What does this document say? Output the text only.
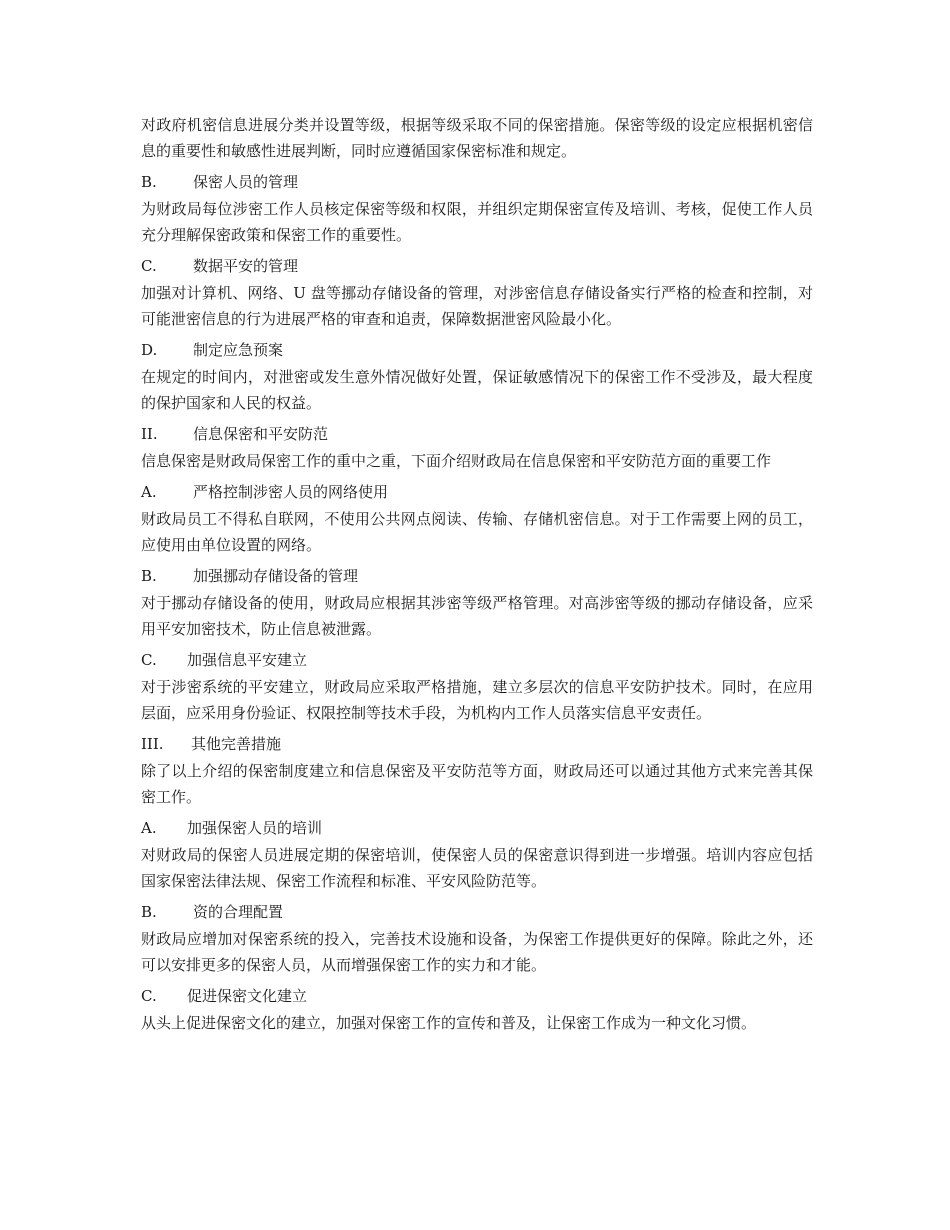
对政府机密信息进展分类并设置等级，根据等级采取不同的保密措施。保密等级的设定应根据机密信息的重要性和敏感性进展判断，同时应遵循国家保密标准和规定。

B. 保密人员的管理

为财政局每位涉密工作人员核定保密等级和权限，并组织定期保密宣传及培训、考核，促使工作人员充分理解保密政策和保密工作的重要性。

C. 数据平安的管理

加强对计算机、网络、U 盘等挪动存储设备的管理，对涉密信息存储设备实行严格的检查和控制，对可能泄密信息的行为进展严格的审查和追责，保障数据泄密风险最小化。

D. 制定应急预案

在规定的时间内，对泄密或发生意外情况做好处置，保证敏感情况下的保密工作不受涉及，最大程度的保护国家和人民的权益。

II. 信息保密和平安防范

信息保密是财政局保密工作的重中之重，下面介绍财政局在信息保密和平安防范方面的重要工作

A. 严格控制涉密人员的网络使用

财政局员工不得私自联网，不使用公共网点阅读、传输、存储机密信息。对于工作需要上网的员工，应使用由单位设置的网络。

B. 加强挪动存储设备的管理

对于挪动存储设备的使用，财政局应根据其涉密等级严格管理。对高涉密等级的挪动存储设备，应采用平安加密技术，防止信息被泄露。

C. 加强信息平安建立

对于涉密系统的平安建立，财政局应采取严格措施，建立多层次的信息平安防护技术。同时，在应用层面，应采用身份验证、权限控制等技术手段，为机构内工作人员落实信息平安责任。

III. 其他完善措施

除了以上介绍的保密制度建立和信息保密及平安防范等方面，财政局还可以通过其他方式来完善其保密工作。

A. 加强保密人员的培训

对财政局的保密人员进展定期的保密培训，使保密人员的保密意识得到进一步增强。培训内容应包括国家保密法律法规、保密工作流程和标准、平安风险防范等。

B. 资的合理配置

财政局应增加对保密系统的投入，完善技术设施和设备，为保密工作提供更好的保障。除此之外，还可以安排更多的保密人员，从而增强保密工作的实力和才能。

C. 促进保密文化建立

从头上促进保密文化的建立，加强对保密工作的宣传和普及，让保密工作成为一种文化习惯。
